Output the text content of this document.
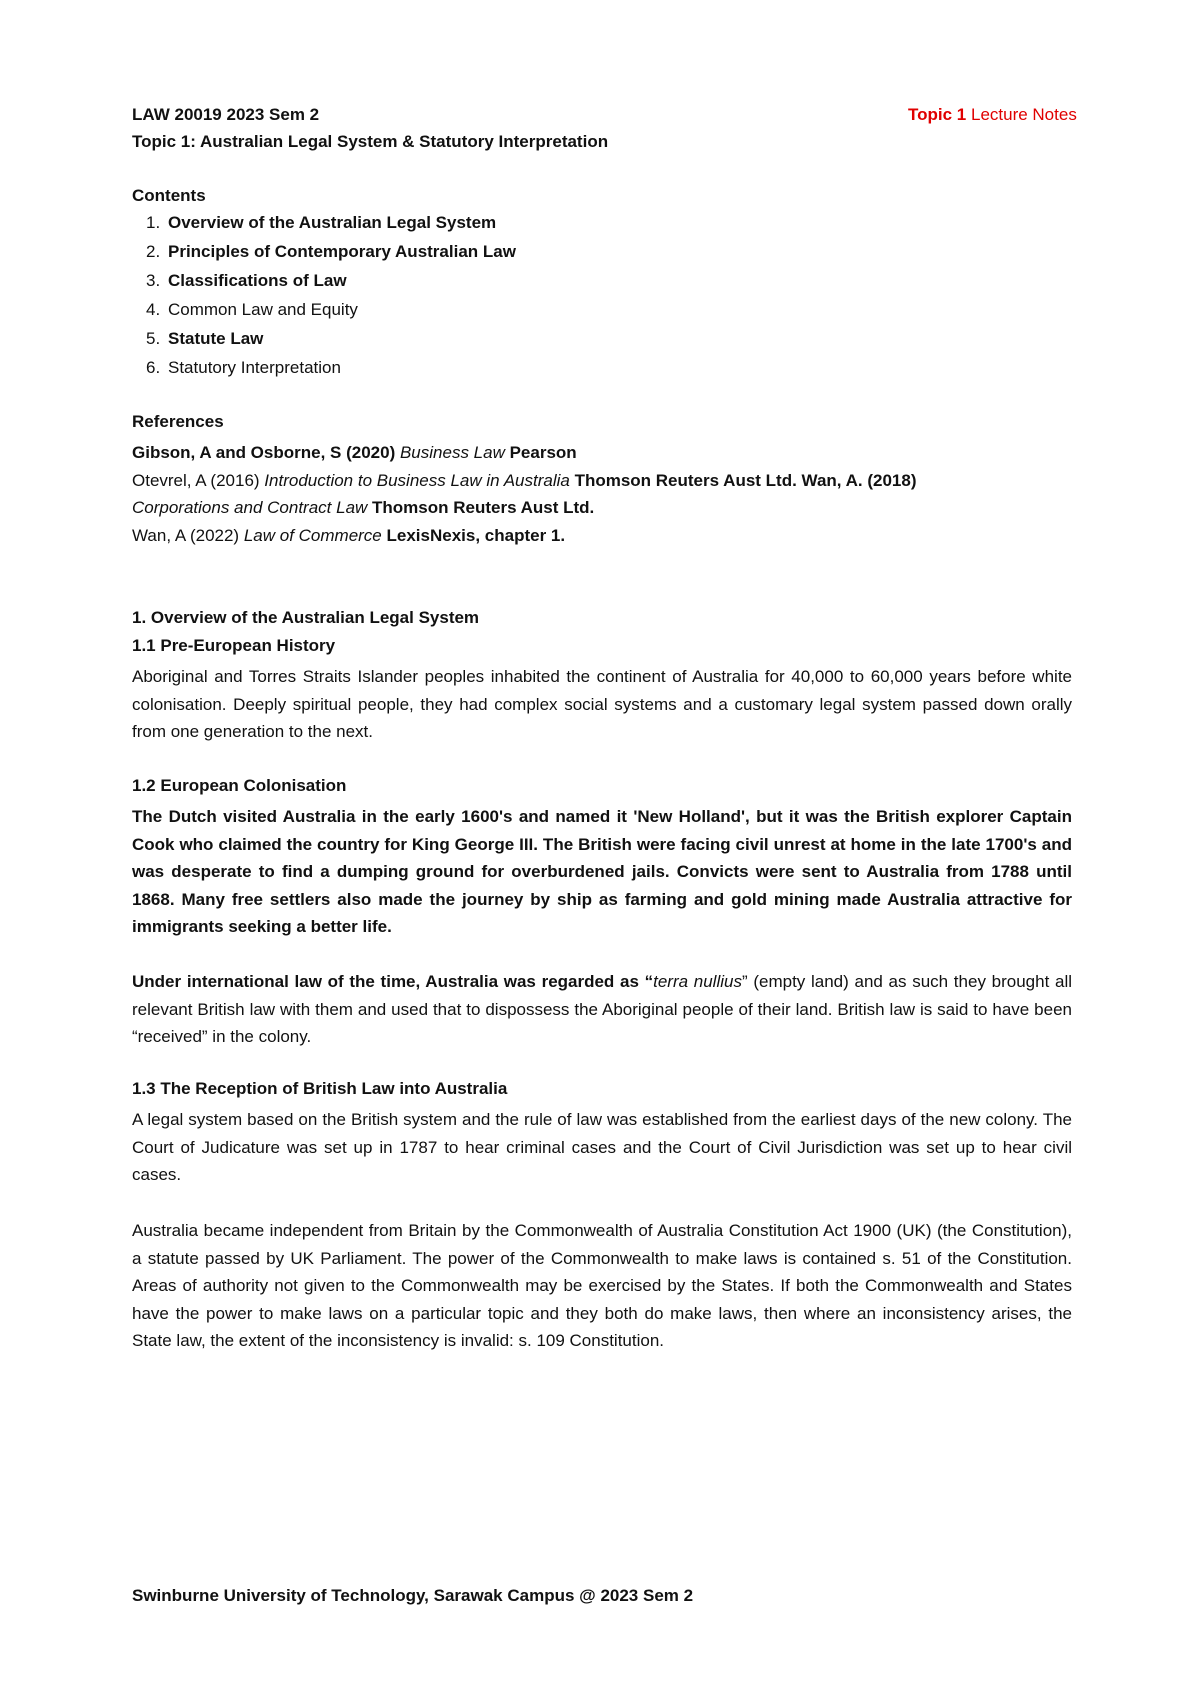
LAW 20019 2023 Sem 2	Topic 1 Lecture Notes
Topic 1: Australian Legal System & Statutory Interpretation
Contents
1. Overview of the Australian Legal System
2. Principles of Contemporary Australian Law
3. Classifications of Law
4. Common Law and Equity
5. Statute Law
6. Statutory Interpretation
References
Gibson, A and Osborne, S (2020) Business Law Pearson
Otevrel, A (2016) Introduction to Business Law in Australia Thomson Reuters Aust Ltd. Wan, A. (2018)
Corporations and Contract Law Thomson Reuters Aust Ltd.
Wan, A (2022) Law of Commerce LexisNexis, chapter 1.
1. Overview of the Australian Legal System
1.1 Pre-European History
Aboriginal and Torres Straits Islander peoples inhabited the continent of Australia for 40,000 to 60,000 years before white colonisation. Deeply spiritual people, they had complex social systems and a customary legal system passed down orally from one generation to the next.
1.2 European Colonisation
The Dutch visited Australia in the early 1600's and named it 'New Holland', but it was the British explorer Captain Cook who claimed the country for King George III. The British were facing civil unrest at home in the late 1700's and was desperate to find a dumping ground for overburdened jails. Convicts were sent to Australia from 1788 until 1868. Many free settlers also made the journey by ship as farming and gold mining made Australia attractive for immigrants seeking a better life.
Under international law of the time, Australia was regarded as “terra nullius” (empty land) and as such they brought all relevant British law with them and used that to dispossess the Aboriginal people of their land. British law is said to have been “received” in the colony.
1.3 The Reception of British Law into Australia
A legal system based on the British system and the rule of law was established from the earliest days of the new colony. The Court of Judicature was set up in 1787 to hear criminal cases and the Court of Civil Jurisdiction was set up to hear civil cases.
Australia became independent from Britain by the Commonwealth of Australia Constitution Act 1900 (UK) (the Constitution), a statute passed by UK Parliament. The power of the Commonwealth to make laws is contained s. 51 of the Constitution. Areas of authority not given to the Commonwealth may be exercised by the States. If both the Commonwealth and States have the power to make laws on a particular topic and they both do make laws, then where an inconsistency arises, the State law, the extent of the inconsistency is invalid: s. 109 Constitution.
Swinburne University of Technology, Sarawak Campus @ 2023 Sem 2
